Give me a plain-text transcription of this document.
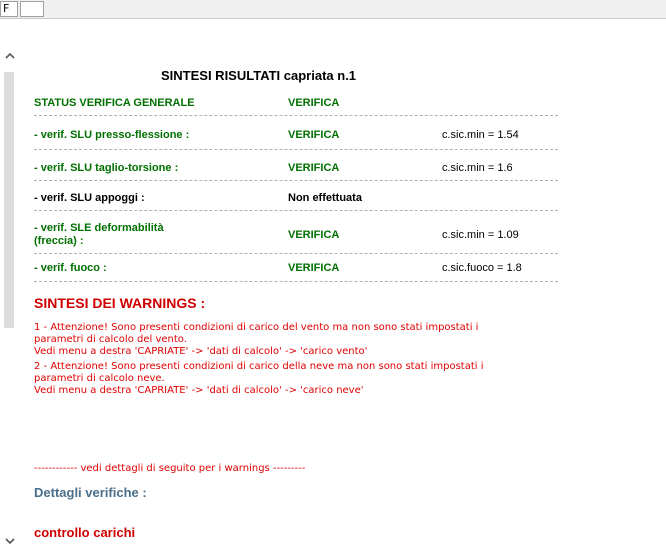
F
SINTESI RISULTATI capriata n.1
STATUS VERIFICA GENERALE	VERIFICA
- verif. SLU presso-flessione :	VERIFICA	c.sic.min = 1.54
- verif. SLU taglio-torsione :	VERIFICA	c.sic.min = 1.6
- verif. SLU appoggi :	Non effettuata
- verif. SLE deformabilità
(freccia) :	VERIFICA	c.sic.min = 1.09
- verif. fuoco :	VERIFICA	c.sic.fuoco = 1.8
SINTESI DEI WARNINGS :
1 - Attenzione! Sono presenti condizioni di carico del vento ma non sono stati impostati i
parametri di calcolo del vento.
Vedi menu a destra 'CAPRIATE' -> 'dati di calcolo' -> 'carico vento'
2 - Attenzione! Sono presenti condizioni di carico della neve ma non sono stati impostati i
parametri di calcolo neve.
Vedi menu a destra 'CAPRIATE' -> 'dati di calcolo' -> 'carico neve'
------------ vedi dettagli di seguito per i warnings ---------
Dettagli verifiche :
controllo carichi
